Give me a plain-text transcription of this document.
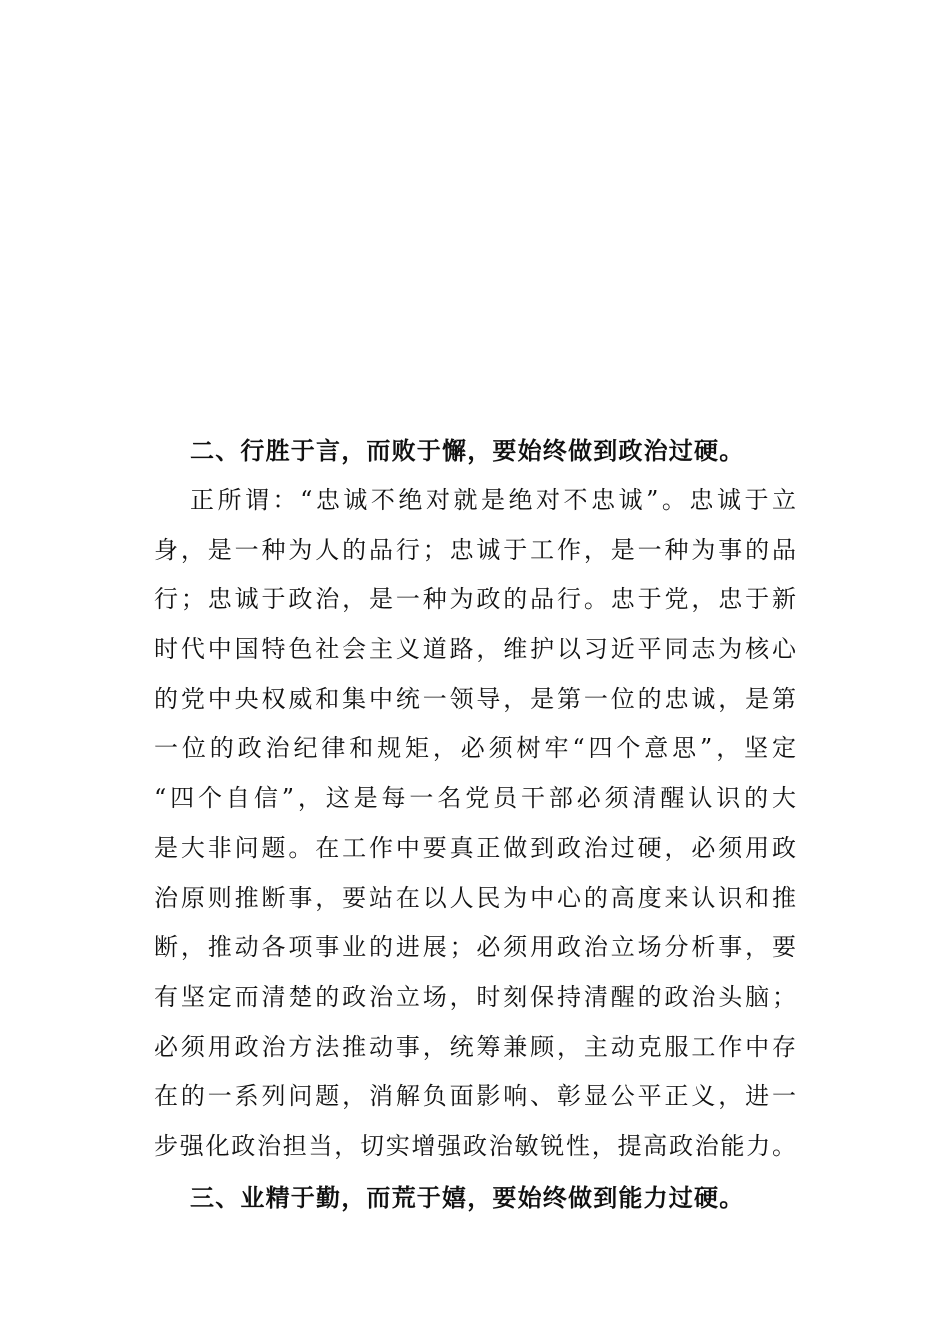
二、行胜于言，而败于懈，要始终做到政治过硬。
正所谓：“忠诚不绝对就是绝对不忠诚”。忠诚于立
身，是一种为人的品行；忠诚于工作，是一种为事的品
行；忠诚于政治，是一种为政的品行。忠于党，忠于新
时代中国特色社会主义道路，维护以习近平同志为核心
的党中央权威和集中统一领导，是第一位的忠诚，是第
一位的政治纪律和规矩，必须树牢“四个意思”，坚定
“四个自信”，这是每一名党员干部必须清醒认识的大
是大非问题。在工作中要真正做到政治过硬，必须用政
治原则推断事，要站在以人民为中心的高度来认识和推
断，推动各项事业的进展；必须用政治立场分析事，要
有坚定而清楚的政治立场，时刻保持清醒的政治头脑；
必须用政治方法推动事，统筹兼顾，主动克服工作中存
在的一系列问题，消解负面影响、彰显公平正义，进一
步强化政治担当，切实增强政治敏锐性，提高政治能力。
三、业精于勤，而荒于嬉，要始终做到能力过硬。
